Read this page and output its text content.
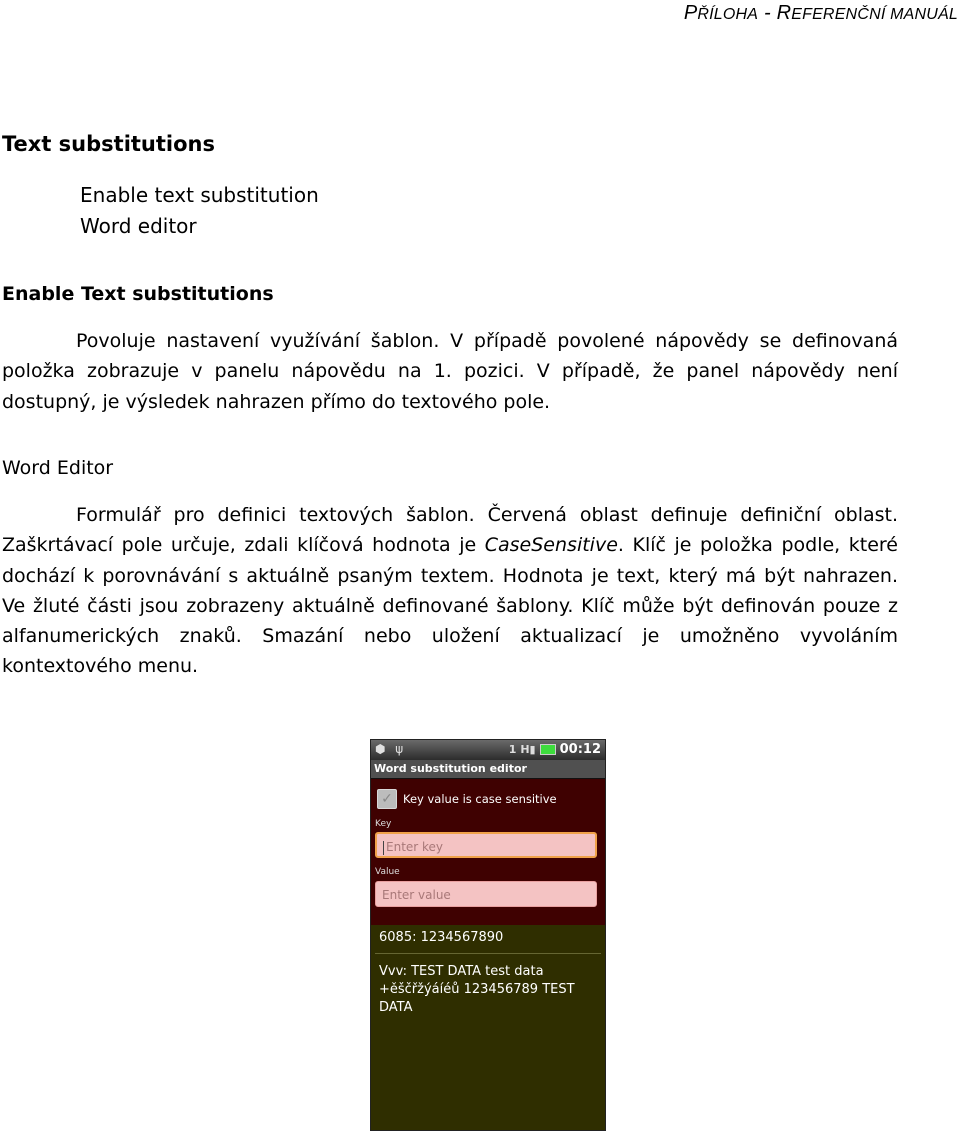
PŘÍLOHA - REFERENČNÍ MANUÁL
Text substitutions
Enable text substitution
Word editor
Enable Text substitutions
Povoluje nastavení využívání šablon. V případě povolené nápovědy se definovaná položka zobrazuje v panelu nápovědu na 1. pozici. V případě, že panel nápovědy není dostupný, je výsledek nahrazen přímo do textového pole.
Word Editor
Formulář pro definici textových šablon. Červená oblast definuje definiční oblast. Zaškrtávací pole určuje, zdali klíčová hodnota je CaseSensitive. Klíč je položka podle, které dochází k porovnávání s aktuálně psaným textem. Hodnota je text, který má být nahrazen. Ve žluté části jsou zobrazeny aktuálně definované šablony. Klíč může být definován pouze z alfanumerických znaků. Smazání nebo uložení aktualizací je umožněno vyvoláním kontextového menu.
⬢ ψ	1 H▮ 00:12
Word substitution editor
✓ Key value is case sensitive
Key
Enter key
Value
Enter value
6085: 1234567890
Vvv: TEST DATA test data +ěščřžýáíéů 123456789 TEST DATA
